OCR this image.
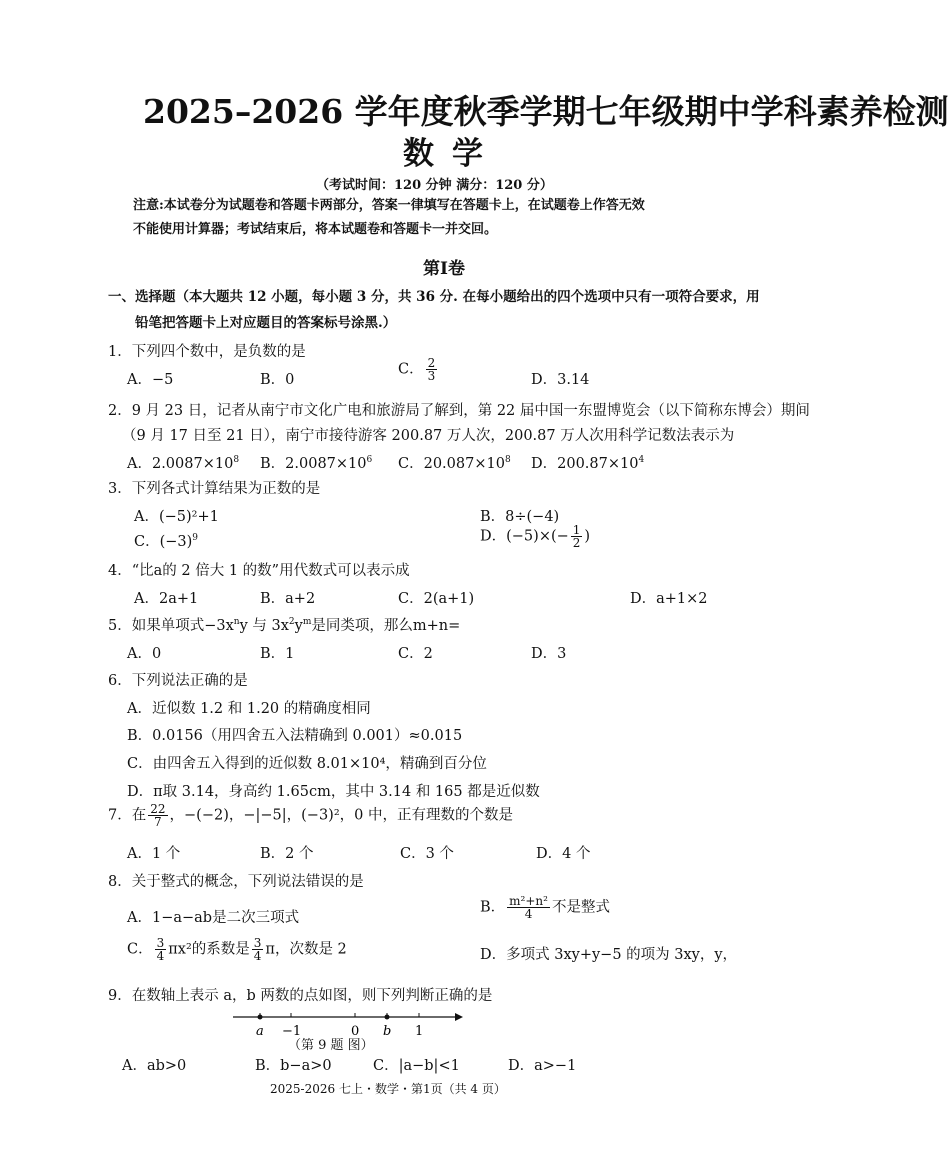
2025–2026 学年度秋季学期七年级期中学科素养检测
数学
（考试时间：120 分钟 满分：120 分）
注意:本试卷分为试题卷和答题卡两部分，答案一律填写在答题卡上，在试题卷上作答无效
不能使用计算器；考试结束后，将本试题卷和答题卡一并交回。
第Ⅰ卷
一、选择题（本大题共 12 小题，每小题 3 分，共 36 分. 在每小题给出的四个选项中只有一项符合要求，用
铅笔把答题卡上对应题目的答案标号涂黑.）
1．下列四个数中，是负数的是
A．−5	B．0
C． $\frac{2}{3}$	D．3.14
2．9 月 23 日，记者从南宁市文化广电和旅游局了解到，第 22 届中国一东盟博览会（以下简称东博会）期间
（9 月 17 日至 21 日），南宁市接待游客 200.87 万人次，200.87 万人次用科学记数法表示为
A．$2.0087\times 10^8$ B．$2.0087\times 10^6$ C．$20.087\times 10^8$ D．$200.87\times 10^4$
3．下列各式计算结果为正数的是
A．(−5)²+1	B．8÷(−4)
C．$(-3)^9$	D．$(-5)\times(- \frac{1}{2}$ )
4．“比a的 2 倍大 1 的数”用代数式可以表示成
A．2a+1	B．a+2	C．2(a+1)	D．a+1×2
5．如果单项式$-3x^ny$ 与 $3x^2y^m$是同类项，那么m+n=
A．0	B．1	C．2	D．3
6．下列说法正确的是
A．近似数 1.2 和 1.20 的精确度相同
B．0.0156（用四舍五入法精确到 0.001）≈0.015
C．由四舍五入得到的近似数 8.01×10⁴，精确到百分位
D．π取 3.14，身高约 1.65cm，其中 3.14 和 165 都是近似数
7．在 $\frac{22}{7}$ ，−(−2)，−|−5|，(−3)²，0 中，正有理数的个数是
A．1 个	B．2 个	C．3 个	D．4 个
8．关于整式的概念，下列说法错误的是
A．1−a−ab是二次三项式
B． $\frac{\text{m²+n²}}{4}$ 不是整式
C． $\frac{3}{4} \pi x^2$的系数是 $\frac{3}{4}$ π，次数是 2	D．多项式 3xy+y−5 的项为 3xy，y，
9．在数轴上表示 a，b 两数的点如图，则下列判断正确的是
a −1	0 b 1
（第 9 题 图）
A．ab>0	B．b−a>0	C．|a−b|<1	D．a>−1
2025-2026 七上・数学・第1页（共 4 页）
